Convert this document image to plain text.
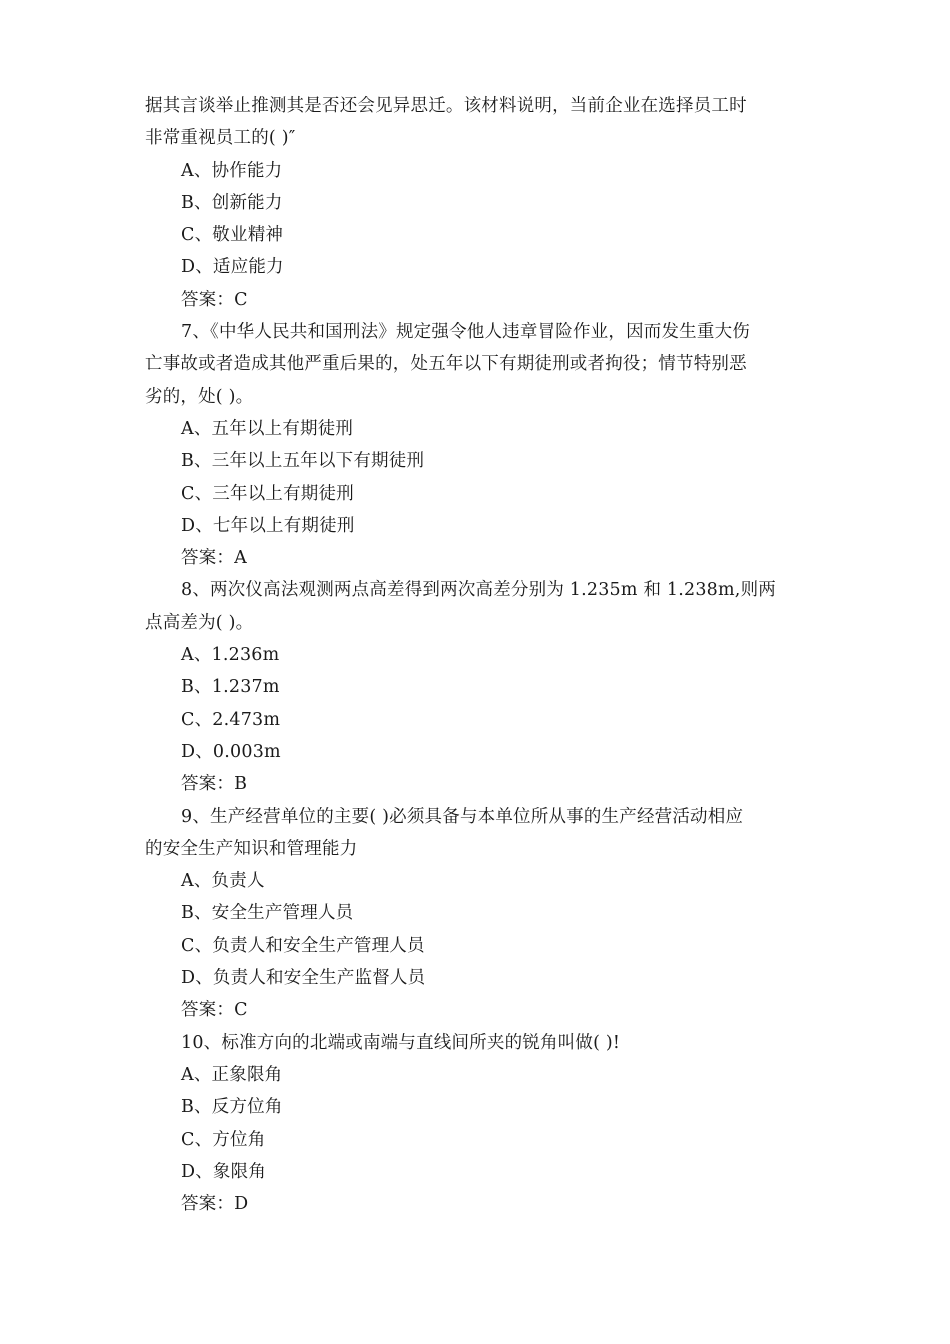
据其言谈举止推测其是否还会见异思迁。该材料说明，当前企业在选择员工时
非常重视员工的( )″
A、协作能力
B、创新能力
C、敬业精神
D、适应能力
答案：C
7、《中华人民共和国刑法》规定强令他人违章冒险作业，因而发生重大伤
亡事故或者造成其他严重后果的，处五年以下有期徒刑或者拘役；情节特别恶
劣的，处( )。
A、五年以上有期徒刑
B、三年以上五年以下有期徒刑
C、三年以上有期徒刑
D、七年以上有期徒刑
答案：A
8、两次仪高法观测两点高差得到两次高差分别为 1.235m 和 1.238m,则两
点高差为( )。
A、1.236m
B、1.237m
C、2.473m
D、0.003m
答案：B
9、生产经营单位的主要( )必须具备与本单位所从事的生产经营活动相应
的安全生产知识和管理能力
A、负责人
B、安全生产管理人员
C、负责人和安全生产管理人员
D、负责人和安全生产监督人员
答案：C
10、标准方向的北端或南端与直线间所夹的锐角叫做( )!
A、正象限角
B、反方位角
C、方位角
D、象限角
答案：D
